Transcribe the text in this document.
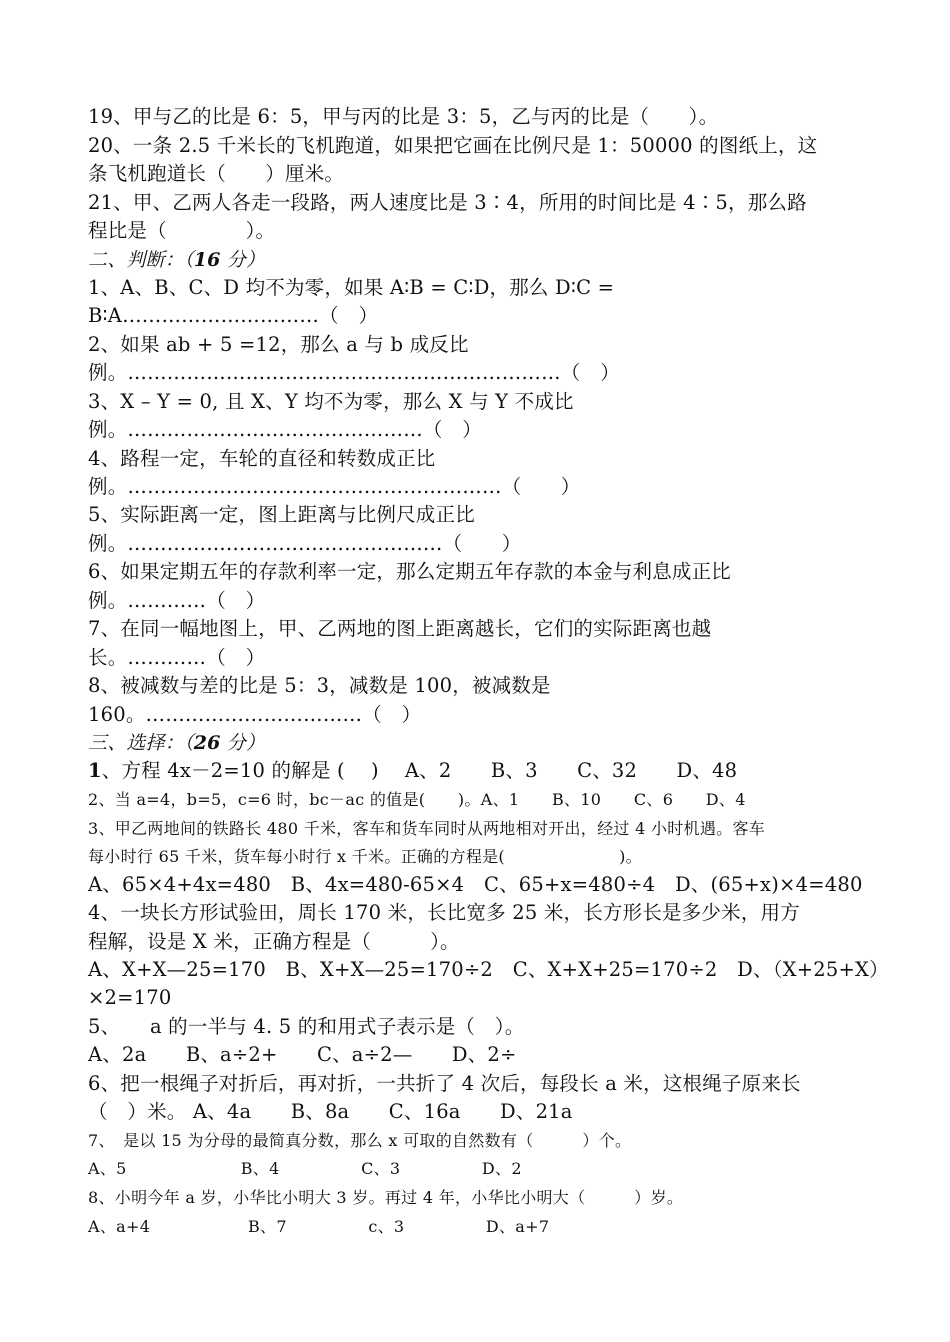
19、甲与乙的比是 6：5，甲与丙的比是 3：5，乙与丙的比是（　　）。
20、一条 2.5 千米长的飞机跑道，如果把它画在比例尺是 1：50000 的图纸上，这
条飞机跑道长（　　）厘米。
21、甲、乙两人各走一段路，两人速度比是 3∶4，所用的时间比是 4∶5，那么路
程比是（　　　　）。
二、判断：（16 分）
1、A、B、C、D 均不为零，如果 A∶B = C∶D，那么 D∶C =
B∶A…………………………（　）
2、如果 ab + 5 =12，那么 a 与 b 成反比
例。…………………………………………………………（　）
3、X – Y = 0, 且 X、Y 均不为零，那么 X 与 Y 不成比
例。………………………………………（　）
4、路程一定，车轮的直径和转数成正比
例。…………………………………………………（　　）
5、实际距离一定，图上距离与比例尺成正比
例。…………………………………………（　　）
6、如果定期五年的存款利率一定，那么定期五年存款的本金与利息成正比
例。…………（　）
7、在同一幅地图上，甲、乙两地的图上距离越长，它们的实际距离也越
长。…………（　）
8、被减数与差的比是 5：3，减数是 100，被减数是
160。……………………………（　）
三、选择：（26 分）
1、方程 4x－2=10 的解是 ( 　) 　A、2　　B、3　　C、32　　D、48
2、当 a=4，b=5，c=6 时，bc－ac 的值是(　　)。A、1　　B、10　　C、6　　D、4
3、甲乙两地间的铁路长 480 千米，客车和货车同时从两地相对开出，经过 4 小时机遇。客车
每小时行 65 千米，货车每小时行 x 千米。正确的方程是(　　　　　　　)。
A、65×4+4x=480　B、4x=480-65×4　C、65+x=480÷4　D、(65+x)×4=480
4、一块长方形试验田，周长 170 米，长比宽多 25 米，长方形长是多少米，用方
程解，设是 X 米，正确方程是（　　　）。
A、X+X—25=170　B、X+X—25=170÷2　C、X+X+25=170÷2　D、（X+25+X）
×2=170
5、　　a 的一半与 4. 5 的和用式子表示是（　）。
A、2a　　B、a÷2+　　C、a÷2—　　D、2÷
6、把一根绳子对折后，再对折，一共折了 4 次后，每段长 a 米，这根绳子原来长
（　）米。 A、4a　　B、8a　　C、16a　　D、21a
7、　是以 15 为分母的最简真分数，那么 x 可取的自然数有（　　　）个。
A、5　　　　　　　B、4　　　　　C、3　　　　　D、2
8、小明今年 a 岁，小华比小明大 3 岁。再过 4 年，小华比小明大（　　　）岁。
A、a+4　　　　　　B、7　　　　　c、3　　　　　D、a+7
